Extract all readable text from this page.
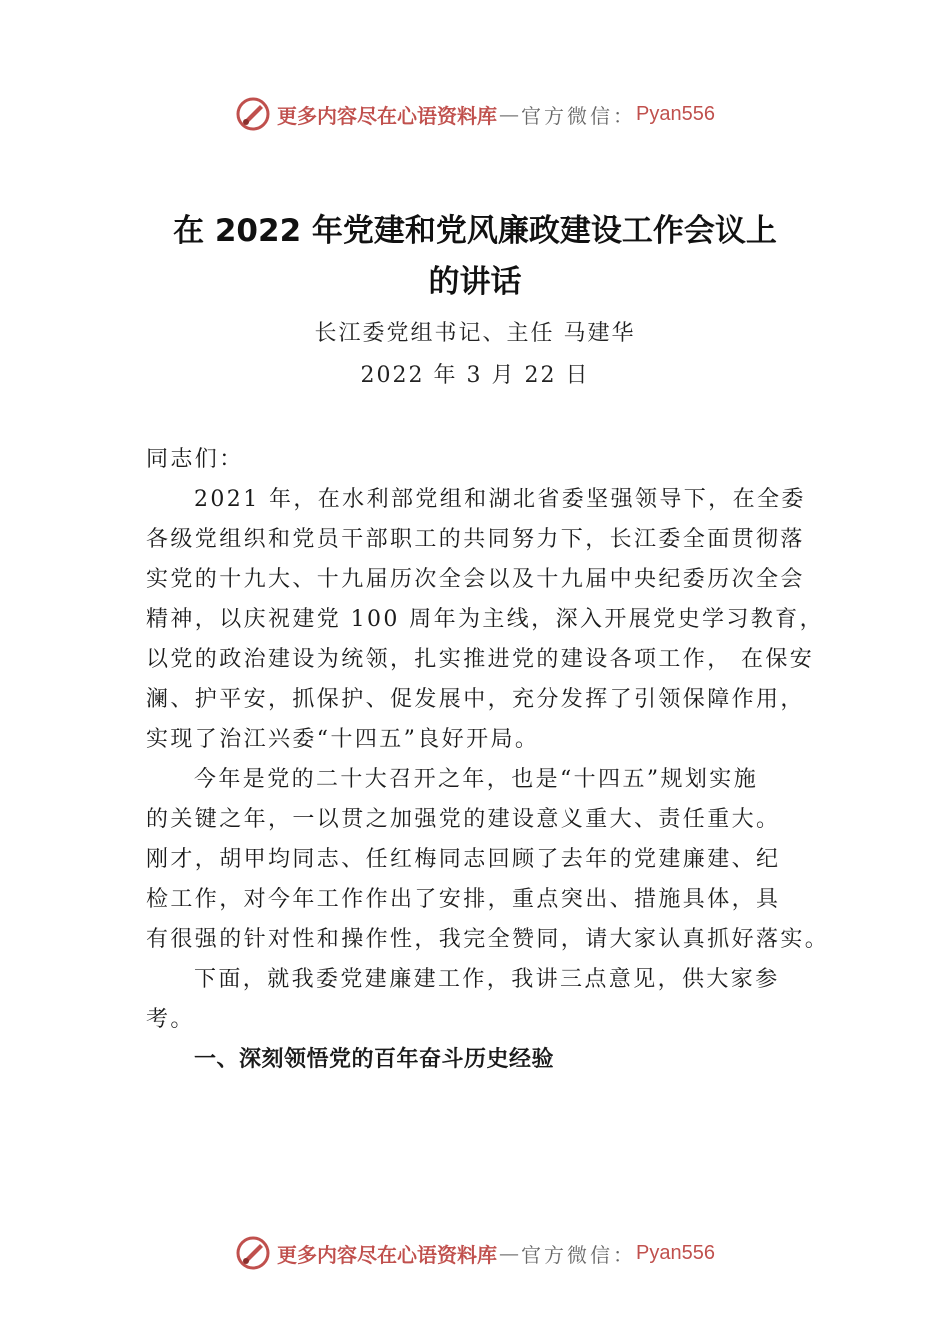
更多内容尽在心语资料库 — 官方微信： Pyan556
在 2022 年党建和党风廉政建设工作会议上
的讲话
长江委党组书记、主任 马建华
2022 年 3 月 22 日

同志们：

2021 年，在水利部党组和湖北省委坚强领导下，在全委
各级党组织和党员干部职工的共同努力下，长江委全面贯彻落
实党的十九大、十九届历次全会以及十九届中央纪委历次全会
精神，以庆祝建党 100 周年为主线，深入开展党史学习教育，
以党的政治建设为统领，扎实推进党的建设各项工作， 在保安
澜、护平安，抓保护、促发展中，充分发挥了引领保障作用，
实现了治江兴委“十四五”良好开局。

今年是党的二十大召开之年，也是“十四五”规划实施
的关键之年，一以贯之加强党的建设意义重大、责任重大。
刚才，胡甲均同志、任红梅同志回顾了去年的党建廉建、纪
检工作，对今年工作作出了安排，重点突出、措施具体，具
有很强的针对性和操作性，我完全赞同，请大家认真抓好落实。

下面，就我委党建廉建工作，我讲三点意见，供大家参
考。

一、深刻领悟党的百年奋斗历史经验

更多内容尽在心语资料库 — 官方微信： Pyan556
